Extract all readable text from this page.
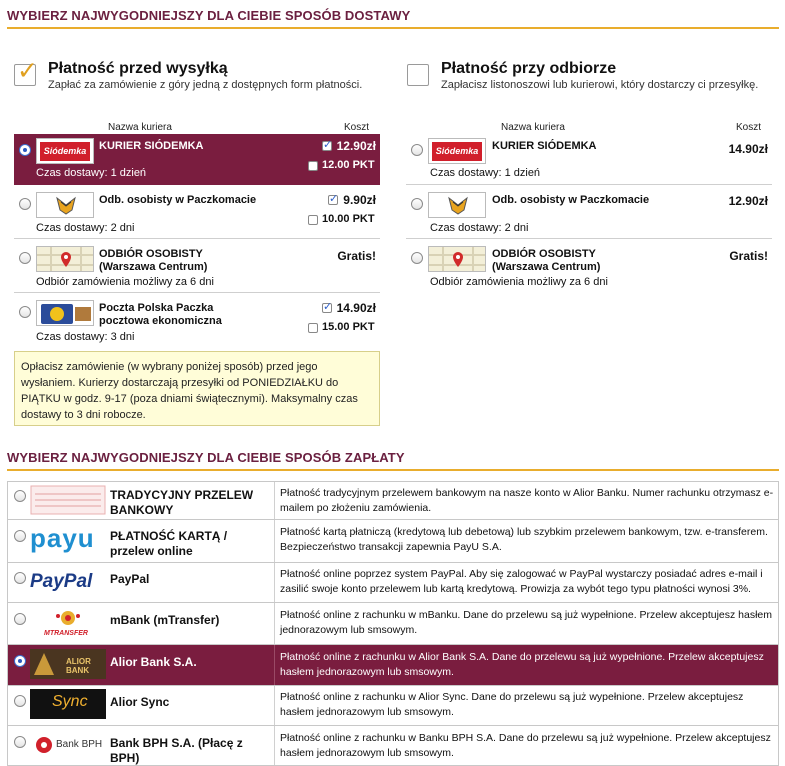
WYBIERZ NAJWYGODNIEJSZY DLA CIEBIE SPOSÓB DOSTAWY
✓ Płatność przed wysyłką
Zapłać za zamówienie z góry jedną z dostępnych form płatności.
Nazwa kuriera	Koszt
Siódemka	KURIER SIÓDEMKA
Czas dostawy: 1 dzień
✓
12.90zł
12.00 PKT
Odb. osobisty w Paczkomacie
Czas dostawy: 2 dni
✓
9.90zł
10.00 PKT
ODBIÓR OSOBISTY (Warszawa Centrum)
Odbiór zamówienia możliwy za 6 dni
Gratis!
Poczta Polska Paczka pocztowa ekonomiczna
Czas dostawy: 3 dni
✓
14.90zł
15.00 PKT
Opłacisz zamówienie (w wybrany poniżej sposób) przed jego wysłaniem. Kurierzy dostarczają przesyłki od PONIEDZIAŁKU do PIĄTKU w godz. 9-17 (poza dniami świątecznymi). Maksymalny czas dostawy to 3 dni robocze.
Płatność przy odbiorze
Zapłacisz listonoszowi lub kurierowi, który dostarczy ci przesyłkę.
Nazwa kuriera	Koszt
Siódemka	KURIER SIÓDEMKA
Czas dostawy: 1 dzień
14.90zł
Odb. osobisty w Paczkomacie
Czas dostawy: 2 dni
12.90zł
ODBIÓR OSOBISTY (Warszawa Centrum)
Odbiór zamówienia możliwy za 6 dni
Gratis!
WYBIERZ NAJWYGODNIEJSZY DLA CIEBIE SPOSÓB ZAPŁATY
TRADYCYJNY PRZELEW BANKOWY
Płatność tradycyjnym przelewem bankowym na nasze konto w Alior Banku. Numer rachunku otrzymasz e-mailem po złożeniu zamówienia.
payu	PŁATNOŚĆ KARTĄ / przelew online
Płatność kartą płatniczą (kredytową lub debetową) lub szybkim przelewem bankowym, tzw. e-transferem. Bezpieczeństwo transakcji zapewnia PayU S.A.
PayPal	PayPal	Płatność online poprzez system PayPal. Aby się zalogować w PayPal wystarczy posiadać adres e-mail i zasilić swoje konto przelewem lub kartą kredytową. Prowizja za wybót tego typu płatności wynosi 3%.
MTRANSFER
mBank (mTransfer)	Płatność online z rachunku w mBanku. Dane do przelewu są już wypełnione. Przelew akceptujesz hasłem jednorazowym lub smsowym.
ALIOR BANK
Alior Bank S.A.	Płatność online z rachunku w Alior Bank S.A. Dane do przelewu są już wypełnione. Przelew akceptujesz hasłem jednorazowym lub smsowym.
Sync Alior Sync	Płatność online z rachunku w Alior Sync. Dane do przelewu są już wypełnione. Przelew akceptujesz hasłem jednorazowym lub smsowym.
Bank BPH Bank BPH S.A. (Płacę z BPH)
Płatność online z rachunku w Banku BPH S.A. Dane do przelewu są już wypełnione. Przelew akceptujesz hasłem jednorazowym lub smsowym.
